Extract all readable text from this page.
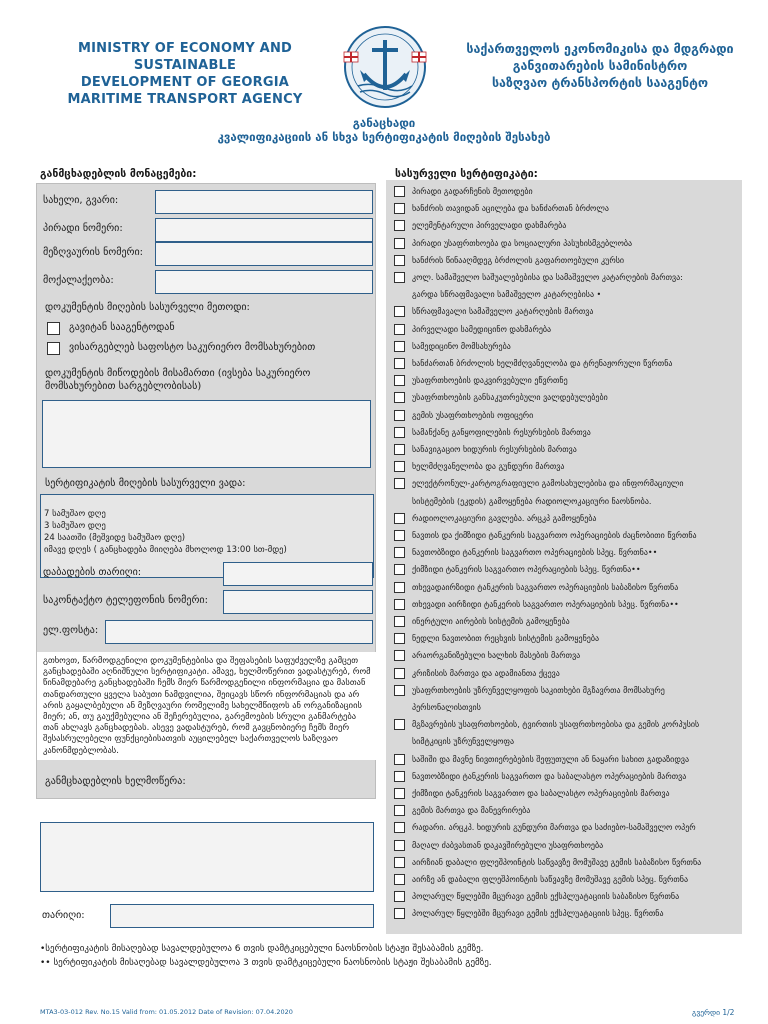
MINISTRY OF ECONOMY AND SUSTAINABLE
DEVELOPMENT OF GEORGIA
MARITIME TRANSPORT AGENCY
საქართველოს ეკონომიკისა და მდგრადი
განვითარების სამინისტრო
საზღვაო ტრანსპორტის სააგენტო
განაცხადი
კვალიფიკაციის ან სხვა სერტიფიკატის მიღების შესახებ
განმცხადებლის მონაცემები:	სასურველი სერტიფიკატი:
სახელი, გვარი:
პირადი ნომერი:
მეზღვაურის ნომერი:
მოქალაქეობა:
დოკუმენტის მიღების სასურველი მეთოდი:
გავიტან სააგენტოდან
ვისარგებლებ საფოსტო საკურიერო მომსახურებით
დოკუმენტის მიწოდების მისამართი (ივსება საკურიერო
მომსახურებით სარგებლობისას)
სერტიფიკატის მიღების სასურველი ვადა:
7 სამუშაო დღე
3 სამუშაო დღე
24 საათში (მეშვიდე სამუშაო დღე)
იმავე დღეს ( განცხადება მიიღება მხოლოდ 13:00 სთ-მდე)
დაბადების თარიღი:
საკონტაქტო ტელეფონის ნომერი:
ელ.ფოსტა:
გთხოვთ, წარმოდგენილი დოკუმენტებისა და შეფასების საფუძველზე გამცეთ განცხადებაში აღნიშნული სერტიფიკატი. ამავე, ხელმოწერით ვადასტურებ, რომ წინამდებარე განცხადებაში ჩემს მიერ წარმოდგენილი ინფორმაცია და მასთან თანდართული ყველა საბუთი ნამდვილია, შეიცავს სწორ ინფორმაციას და არ არის გაყალბებული ან მეზღვაური რომელიმე სახელმწიფოს ან ორგანიზაციის მიერ; ან, თუ გაუქმებულია ან შეჩერებულია, გარემოების სრული განმარტება თან ახლავს განცხადებას. ასევე ვადასტურებ, რომ გავცნობიერე ჩემს მიერ შესასრულებელი ფუნქციებისათვის აუცილებელ საქართველოს საზღვაო კანონმდებლობას.
განმცხადებლის ხელმოწერა:
თარიღი:
პირადი გადარჩენის მეთოდები
ხანძრის თავიდან აცილება და ხანძართან ბრძოლა
ელემენტარული პირველადი დახმარება
პირადი უსაფრთხოება და სოციალური პასუხისმგებლობა
ხანძრის წინააღმდეგ ბრძოლის გაფართოებული კურსი
კოლ. სამაშველო საშუალებებისა და სამაშველო კატარღების მართვა:
გარდა სწრაფმავალი სამაშველო კატარღებისა •
სწრაფმავალი სამაშველო კატარღების მართვა
პირველადი სამედიცინო დახმარება
სამედიცინო მომსახურება
ხანძართან ბრძოლის ხელმძღვანელობა და ტრენაჟორული წვრთნა
უსაფრთხოების დაკვირვებული ეწვრთნე
უსაფრთხოების განსაკუთრებული ვალდებულებები
გემის უსაფრთხოების ოფიცერი
სამანქანე განყოფილების რესურსების მართვა
სანავიგაციო ხიდურის რესურსების მართვა
ხელმძღვანელობა და გუნდური მართვა
ელექტრონულ-კარტოგრაფიული გამოსახულებისა და ინფორმაციული
სისტემების (ეკდის) გამოყენება რადიოლოკაციური ნაოსნობა.
რადიოლოკაციური გავლება. არცკპ გამოყენება
ნავთის და ქიმზიდი ტანკერის საგვართო ოპერაციების ძაცნობითი წვრთნა
ნავთობზიდი ტანკერის საგვართო ოპერაციების სპეც. წვრთნა••
ქიმზიდი ტანკერის საგვართო ოპერაციების სპეც. წვრთნა••
თხევადაირზიდი ტანკერის საგვართო ოპერაციების საბაზისო წვრთნა
თხევადი აირზიდი ტანკერის საგვართო ოპერაციების სპეც. წვრთნა••
ინერტული აირების სისტემის გამოყენება
ნედლი ნავთობით რეცხვის სისტემის გამოყენება
არაორგანიზებული ხალხის მასების მართვა
კრიზისის მართვა და ადამიანთა ქცევა
უსაფრთხოების უზრუნველყოფის საკითხები მგზავრთა მომსახურე
პერსონალისთვის
მგზავრების უსაფრთხოების, ტვირთის უსაფრთხოებისა და გემის კორპუსის
სიმტკიცის უზრუნველყოფა
საშიში და მავნე ნივთიერებების შეფუთული ან ნაყარი სახით გადაზიდვა
ნავთობზიდი ტანკერის საგვართო და საბალასტო ოპერაციების მართვა
ქიმზიდი ტანკერის საგვართო და საბალასტო ოპერაციების მართვა
გემის მართვა და მანევრირება
რადარი. არცკპ. ხიდურის გუნდური მართვა და საძიებო-სამაშველო ოპერ
მაღალ ძაბვასთან დაკავშირებული უსაფრთხოება
აირზიან დაბალი ფლეშპოინტის საწვავზე მომუშავე გემის საბაზისო წვრთნა
აირზე ან დაბალი ფლეშპოინტის საწვავზე მომუშავე გემის სპეც. წვრთნა
პოლარულ წყლებში მცურავი გემის ექსპლუატაციის საბაზისო წვრთნა
პოლარულ წყლებში მცურავი გემის ექსპლუატაციის სპეც. წვრთნა
•სერტიფიკატის მისაღებად სავალდებულოა 6 თვის დამტკიცებული ნაოსნობის სტაჟი შესაბამის გემზე.
•• სერტიფიკატის მისაღებად სავალდებულოა 3 თვის დამტკიცებული ნაოსნობის სტაჟი შესაბამის გემზე.
MTA3-03-012 Rev. No.15 Valid from: 01.05.2012 Date of Revision: 07.04.2020	გვერდი 1/2
